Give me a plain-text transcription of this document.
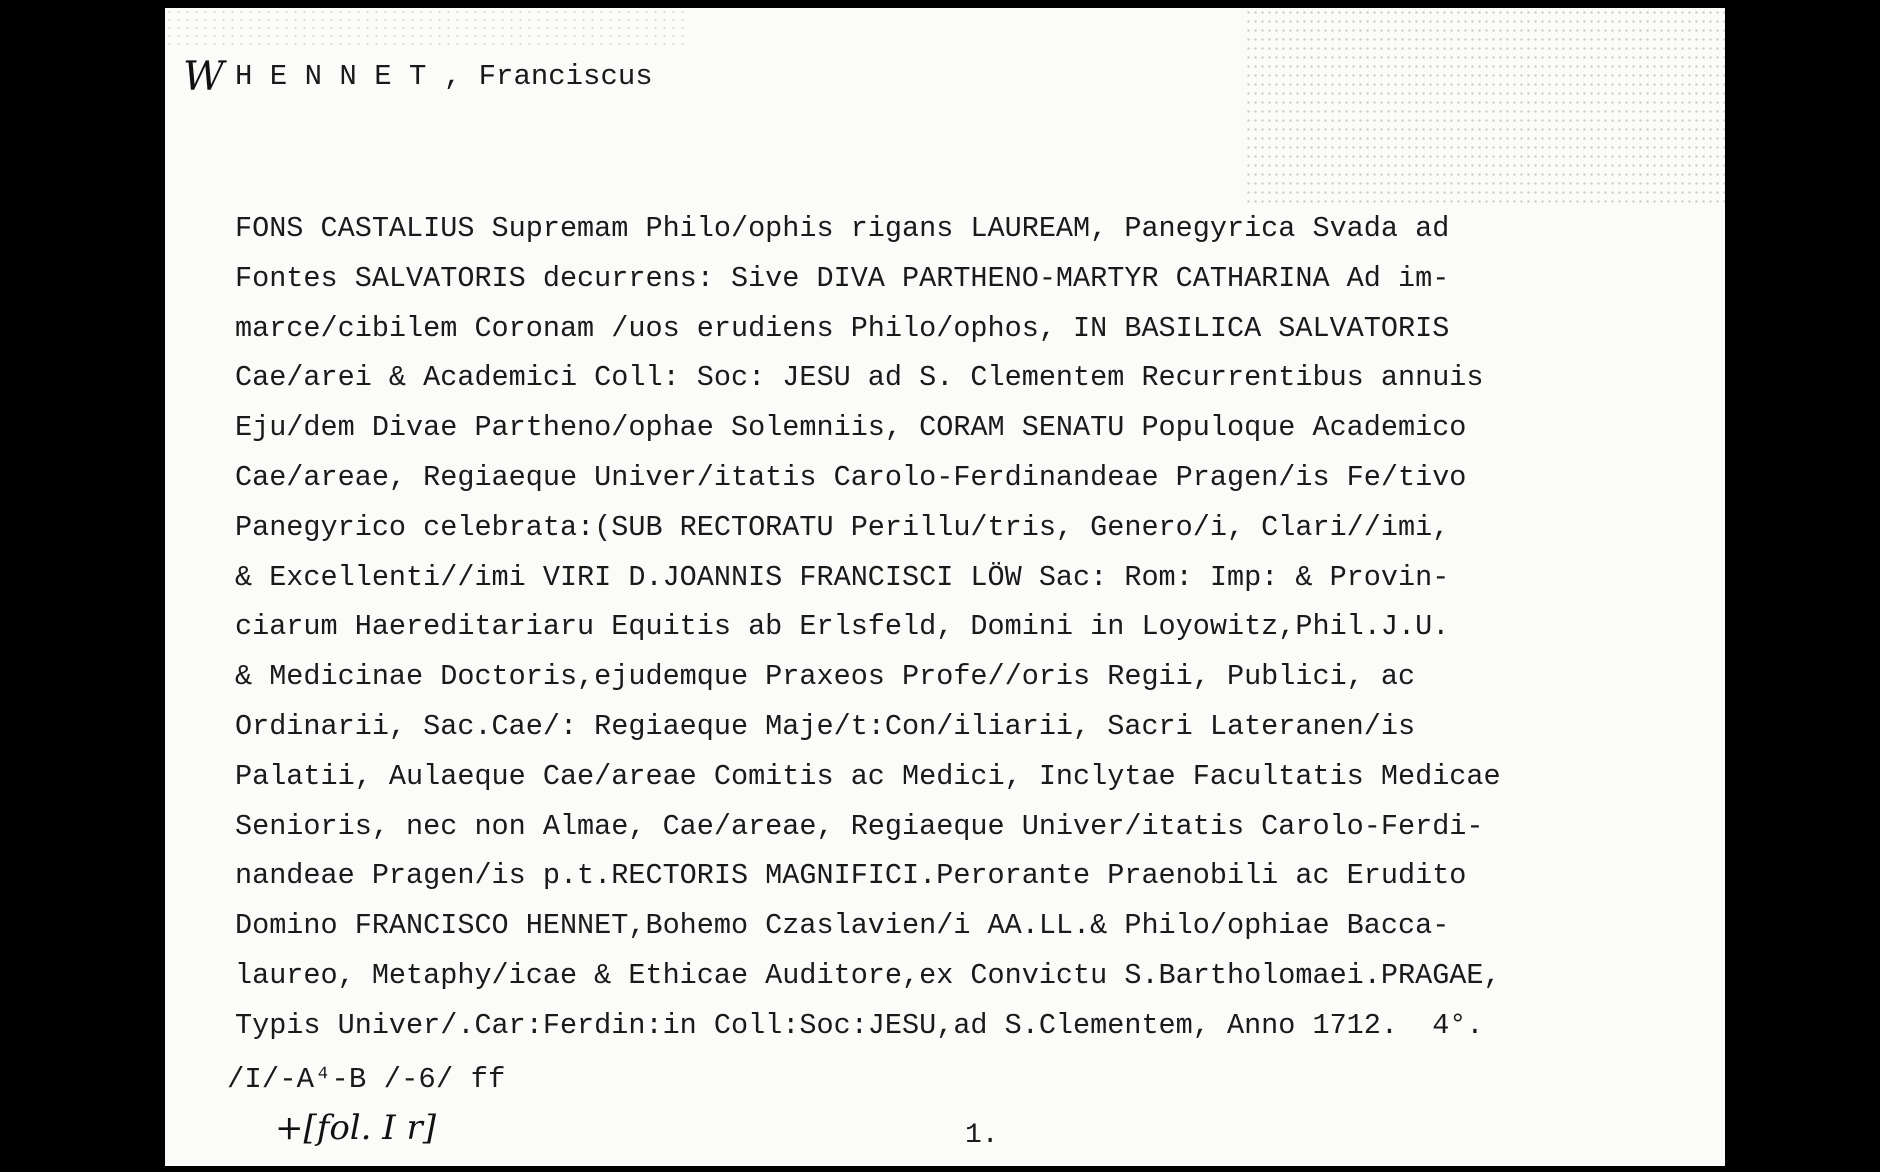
W H E N N E T , Franciscus
FONS CASTALIUS Supremam Philo/ophis rigans LAUREAM, Panegyrica Svada ad
Fontes SALVATORIS decurrens: Sive DIVA PARTHENO-MARTYR CATHARINA Ad im-
marce/cibilem Coronam /uos erudiens Philo/ophos, IN BASILICA SALVATORIS
Cae/arei & Academici Coll: Soc: JESU ad S. Clementem Recurrentibus annuis
Eju/dem Divae Partheno/ophae Solemniis, CORAM SENATU Populoque Academico
Cae/areae, Regiaeque Univer/itatis Carolo-Ferdinandeae Pragen/is Fe/tivo
Panegyrico celebrata:(SUB RECTORATU Perillu/tris, Genero/i, Clari//imi,
& Excellenti//imi VIRI D.JOANNIS FRANCISCI LÖW Sac: Rom: Imp: & Provin-
ciarum Haereditariaru Equitis ab Erlsfeld, Domini in Loyowitz,Phil.J.U.
& Medicinae Doctoris,ejudemque Praxeos Profe//oris Regii, Publici, ac
Ordinarii, Sac.Cae/: Regiaeque Maje/t:Con/iliarii, Sacri Lateranen/is
Palatii, Aulaeque Cae/areae Comitis ac Medici, Inclytae Facultatis Medicae
Senioris, nec non Almae, Cae/areae, Regiaeque Univer/itatis Carolo-Ferdi-
nandeae Pragen/is p.t.RECTORIS MAGNIFICI.Perorante Praenobili ac Erudito
Domino FRANCISCO HENNET,Bohemo Czaslavien/i AA.LL.& Philo/ophiae Bacca-
laureo, Metaphy/icae & Ethicae Auditore,ex Convictu S.Bartholomaei.PRAGAE,
Typis Univer/.Car:Ferdin:in Coll:Soc:JESU,ad S.Clementem, Anno 1712.  4°.
/I/-A⁴-B /-6/ ff
+[fol. I r]	1.
